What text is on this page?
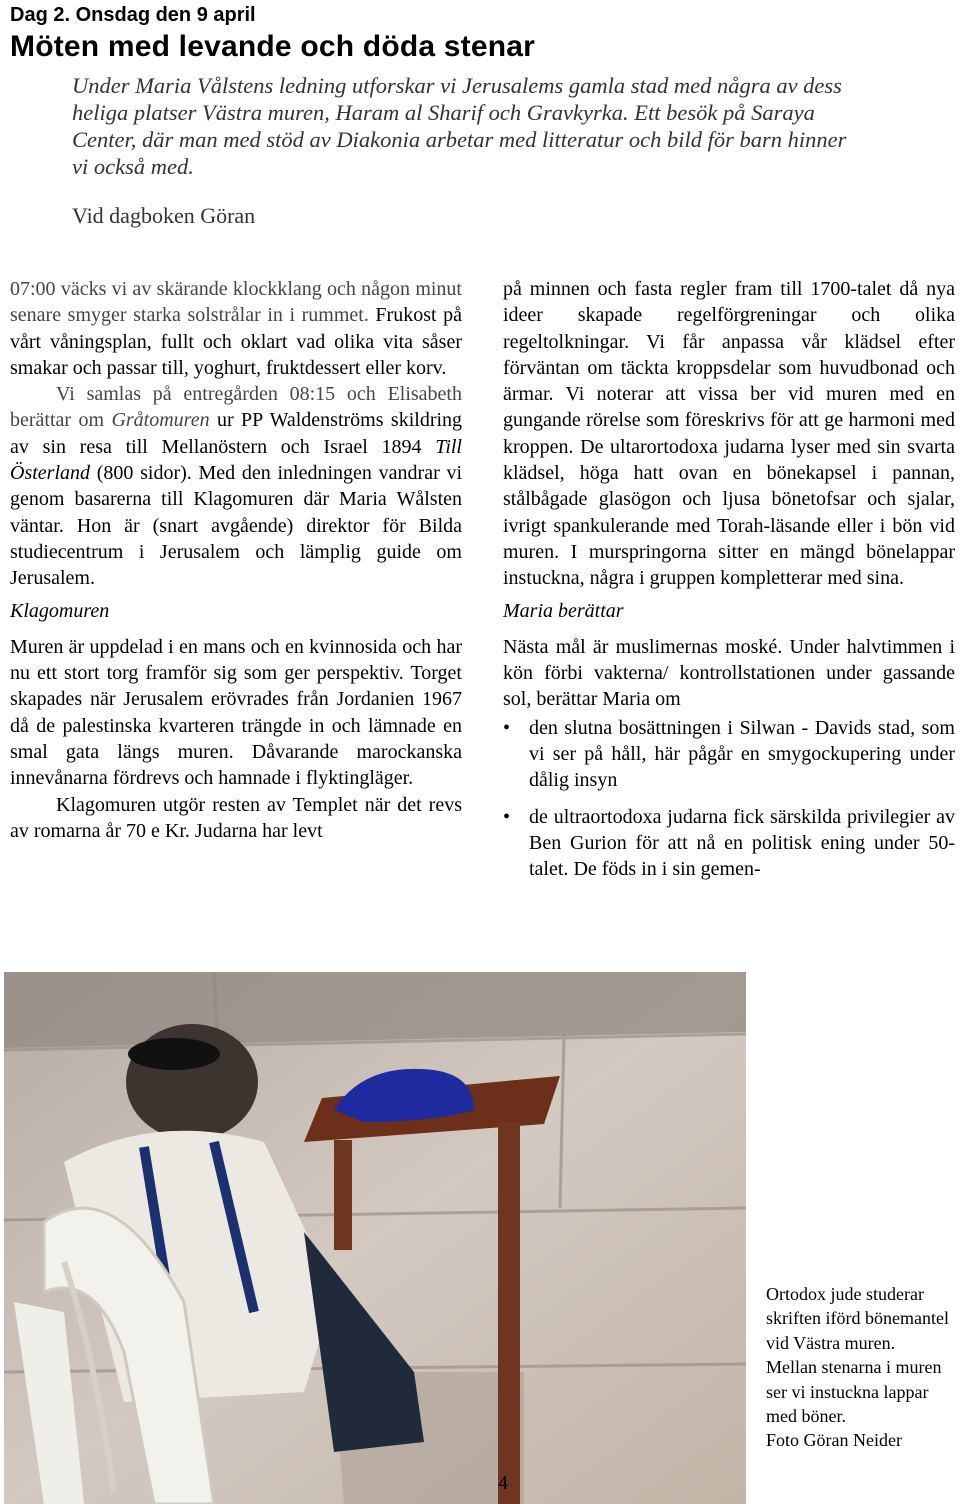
Dag 2. Onsdag den 9 april
Möten med levande och döda stenar
Under Maria Vålstens ledning utforskar vi Jerusalems gamla stad med några av dess heliga platser Västra muren, Haram al Sharif och Gravkyrka. Ett besök på Saraya Center, där man med stöd av Diakonia arbetar med litteratur och bild för barn hinner vi också med.
Vid dagboken Göran

07:00 väcks vi av skärande klockklang och någon minut senare smyger starka solstrålar in i rummet. Frukost på vårt våningsplan, fullt och oklart vad olika vita såser smakar och passar till, yoghurt, fruktdessert eller korv.

Vi samlas på entregården 08:15 och Elisabeth berättar om Gråtomuren ur PP Waldenströms skildring av sin resa till Mellanöstern och Israel 1894 Till Österland (800 sidor). Med den inledningen vandrar vi genom basarerna till Klagomuren där Maria Wålsten väntar. Hon är (snart avgående) direktor för Bilda studiecentrum i Jerusalem och lämplig guide om Jerusalem.

Klagomuren

Muren är uppdelad i en mans och en kvinnosida och har nu ett stort torg framför sig som ger perspektiv. Torget skapades när Jerusalem erövrades från Jordanien 1967 då de palestinska kvarteren trängde in och lämnade en smal gata längs muren. Dåvarande marockanska innevånarna fördrevs och hamnade i flyktingläger.

Klagomuren utgör resten av Templet när det revs av romarna år 70 e Kr. Judarna har levt

på minnen och fasta regler fram till 1700-talet då nya ideer skapade regelförgreningar och olika regeltolkningar. Vi får anpassa vår klädsel efter förväntan om täckta kroppsdelar som huvudbonad och ärmar. Vi noterar att vissa ber vid muren med en gungande rörelse som föreskrivs för att ge harmoni med kroppen. De ultarortodoxa judarna lyser med sin svarta klädsel, höga hatt ovan en bönekapsel i pannan, stålbågade glasögon och ljusa bönetofsar och sjalar, ivrigt spankulerande med Torah-läsande eller i bön vid muren. I murspringorna sitter en mängd bönelappar instuckna, några i gruppen kompletterar med sina.

Maria berättar

Nästa mål är muslimernas moské. Under halvtimmen i kön förbi vakterna/ kontrollstationen under gassande sol, berättar Maria om

• den slutna bosättningen i Silwan - Davids stad, som vi ser på håll, här pågår en smygockupering under dålig insyn
• de ultraortodoxa judarna fick särskilda privilegier av Ben Gurion för att nå en politisk ening under 50-talet. De föds in i sin gemen-
Ortodox jude studerar skriften iförd bönemantel vid Västra muren.
Mellan stenarna i muren ser vi instuckna lappar med böner.
Foto Göran Neider
4
